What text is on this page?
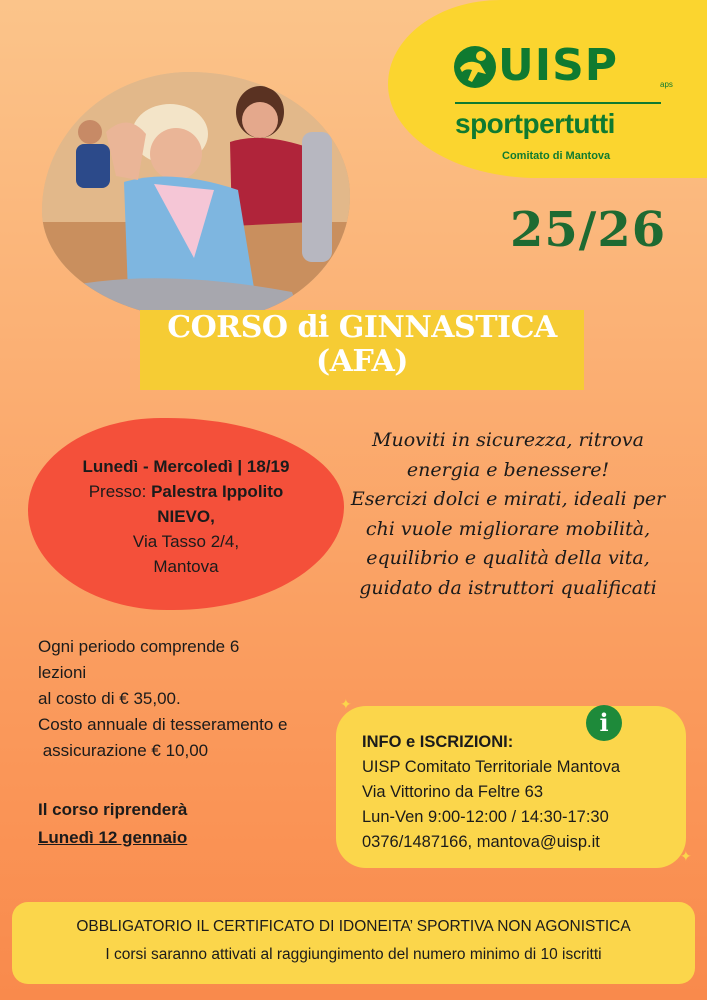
UISP	aps
sportpertutti
Comitato di Mantova
25/26
CORSO di GINNASTICA
(AFA)
Lunedì - Mercoledì | 18/19
Presso: Palestra Ippolito
NIEVO,
Via Tasso 2/4,
Mantova
Muoviti in sicurezza, ritrova
energia e benessere!
Esercizi dolci e mirati, ideali per
chi vuole migliorare mobilità,
equilibrio e qualità della vita,
guidato da istruttori qualificati
Ogni periodo comprende 6
lezioni
al costo di € 35,00.
Costo annuale di tesseramento e
assicurazione € 10,00
Il corso riprenderà
Lunedì 12 gennaio
✦
✦
i
INFO e ISCRIZIONI:
UISP Comitato Territoriale Mantova
Via Vittorino da Feltre 63
Lun-Ven 9:00-12:00 / 14:30-17:30
0376/1487166, mantova@uisp.it
OBBLIGATORIO IL CERTIFICATO DI IDONEITA’ SPORTIVA NON AGONISTICA
I corsi saranno attivati al raggiungimento del numero minimo di 10 iscritti
